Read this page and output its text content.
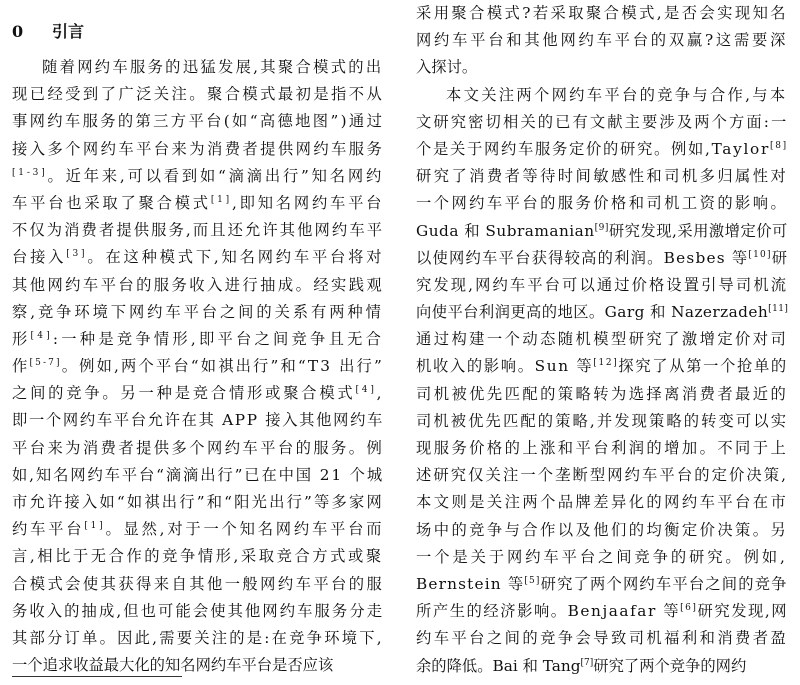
0 引言
随着网约车服务的迅猛发展,其聚合模式的出
现已经受到了广泛关注。聚合模式最初是指不从
事网约车服务的第三方平台(如“高德地图”)通过
接入多个网约车平台来为消费者提供网约车服务
[1-3]。近年来,可以看到如“滴滴出行”知名网约
车平台也采取了聚合模式[1],即知名网约车平台
不仅为消费者提供服务,而且还允许其他网约车平
台接入[3]。在这种模式下,知名网约车平台将对
其他网约车平台的服务收入进行抽成。经实践观
察,竞争环境下网约车平台之间的关系有两种情
形[4]:一种是竞争情形,即平台之间竞争且无合
作[5-7]。例如,两个平台“如祺出行”和“T3 出行”
之间的竞争。另一种是竞合情形或聚合模式[4],
即一个网约车平台允许在其 APP 接入其他网约车
平台来为消费者提供多个网约车平台的服务。例
如,知名网约车平台“滴滴出行”已在中国 21 个城
市允许接入如“如祺出行”和“阳光出行”等多家网
约车平台[1]。显然,对于一个知名网约车平台而
言,相比于无合作的竞争情形,采取竞合方式或聚
合模式会使其获得来自其他一般网约车平台的服
务收入的抽成,但也可能会使其他网约车服务分走
其部分订单。因此,需要关注的是:在竞争环境下,
一个追求收益最大化的知名网约车平台是否应该
采用聚合模式?若采取聚合模式,是否会实现知名
网约车平台和其他网约车平台的双赢?这需要深
入探讨。
本文关注两个网约车平台的竞争与合作,与本
文研究密切相关的已有文献主要涉及两个方面:一
个是关于网约车服务定价的研究。例如,Taylor[8]
研究了消费者等待时间敏感性和司机多归属性对
一个网约车平台的服务价格和司机工资的影响。
Guda 和 Subramanian[9]研究发现,采用激增定价可
以使网约车平台获得较高的利润。Besbes 等[10]研
究发现,网约车平台可以通过价格设置引导司机流
向使平台利润更高的地区。Garg 和 Nazerzadeh[11]
通过构建一个动态随机模型研究了激增定价对司
机收入的影响。Sun 等[12]探究了从第一个抢单的
司机被优先匹配的策略转为选择离消费者最近的
司机被优先匹配的策略,并发现策略的转变可以实
现服务价格的上涨和平台利润的增加。不同于上
述研究仅关注一个垄断型网约车平台的定价决策,
本文则是关注两个品牌差异化的网约车平台在市
场中的竞争与合作以及他们的均衡定价决策。另
一个是关于网约车平台之间竞争的研究。例如,
Bernstein 等[5]研究了两个网约车平台之间的竞争
所产生的经济影响。Benjaafar 等[6]研究发现,网
约车平台之间的竞争会导致司机福利和消费者盈
余的降低。Bai 和 Tang[7]研究了两个竞争的网约
